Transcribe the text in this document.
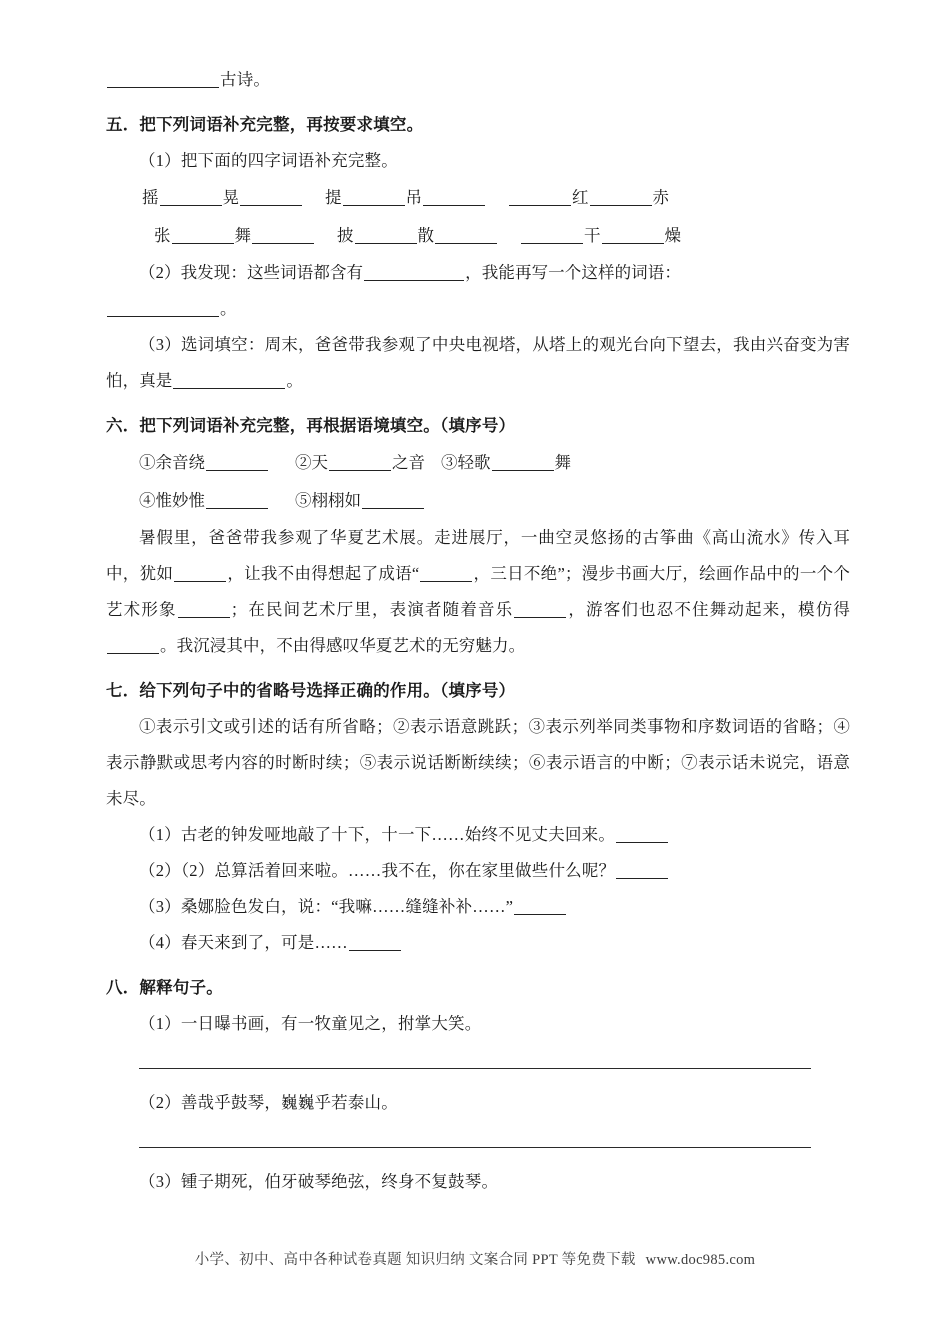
古诗。
五．把下列词语补充完整，再按要求填空。
（1）把下面的四字词语补充完整。
摇	晃	提	吊	红	赤
张	舞	披	散	干	燥
（2）我发现：这些词语都含有	，我能再写一个这样的词语：
。
（3）选词填空：周末，爸爸带我参观了中央电视塔，从塔上的观光台向下望去，我由兴奋变为害怕，真是	。
六．把下列词语补充完整，再根据语境填空。（填序号）
①余音绕	②天	之音 ③轻歌	舞
④惟妙惟	⑤栩栩如
暑假里，爸爸带我参观了华夏艺术展。走进展厅，一曲空灵悠扬的古筝曲《高山流水》传入耳中，犹如	，让我不由得想起了成语“	，三日不绝”；漫步书画大厅，绘画作品中的一个个艺术形象	；在民间艺术厅里，表演者随着音乐	，游客们也忍不住舞动起来，模仿得。我沉浸其中，不由得感叹华夏艺术的无穷魅力。
七．给下列句子中的省略号选择正确的作用。（填序号）
①表示引文或引述的话有所省略；②表示语意跳跃；③表示列举同类事物和序数词语的省略；④表示静默或思考内容的时断时续；⑤表示说话断断续续；⑥表示语言的中断；⑦表示话未说完，语意未尽。
（1）古老的钟发哑地敲了十下，十一下……始终不见丈夫回来。
（2）（2）总算活着回来啦。……我不在，你在家里做些什么呢？
（3）桑娜脸色发白，说：“我嘛……缝缝补补……”
（4）春天来到了，可是……
八．解释句子。
（1）一日曝书画，有一牧童见之，拊掌大笑。
（2）善哉乎鼓琴，巍巍乎若泰山。
（3）锺子期死，伯牙破琴绝弦，终身不复鼓琴。
小学、初中、高中各种试卷真题 知识归纳 文案合同 PPT 等免费下载 www.doc985.com
